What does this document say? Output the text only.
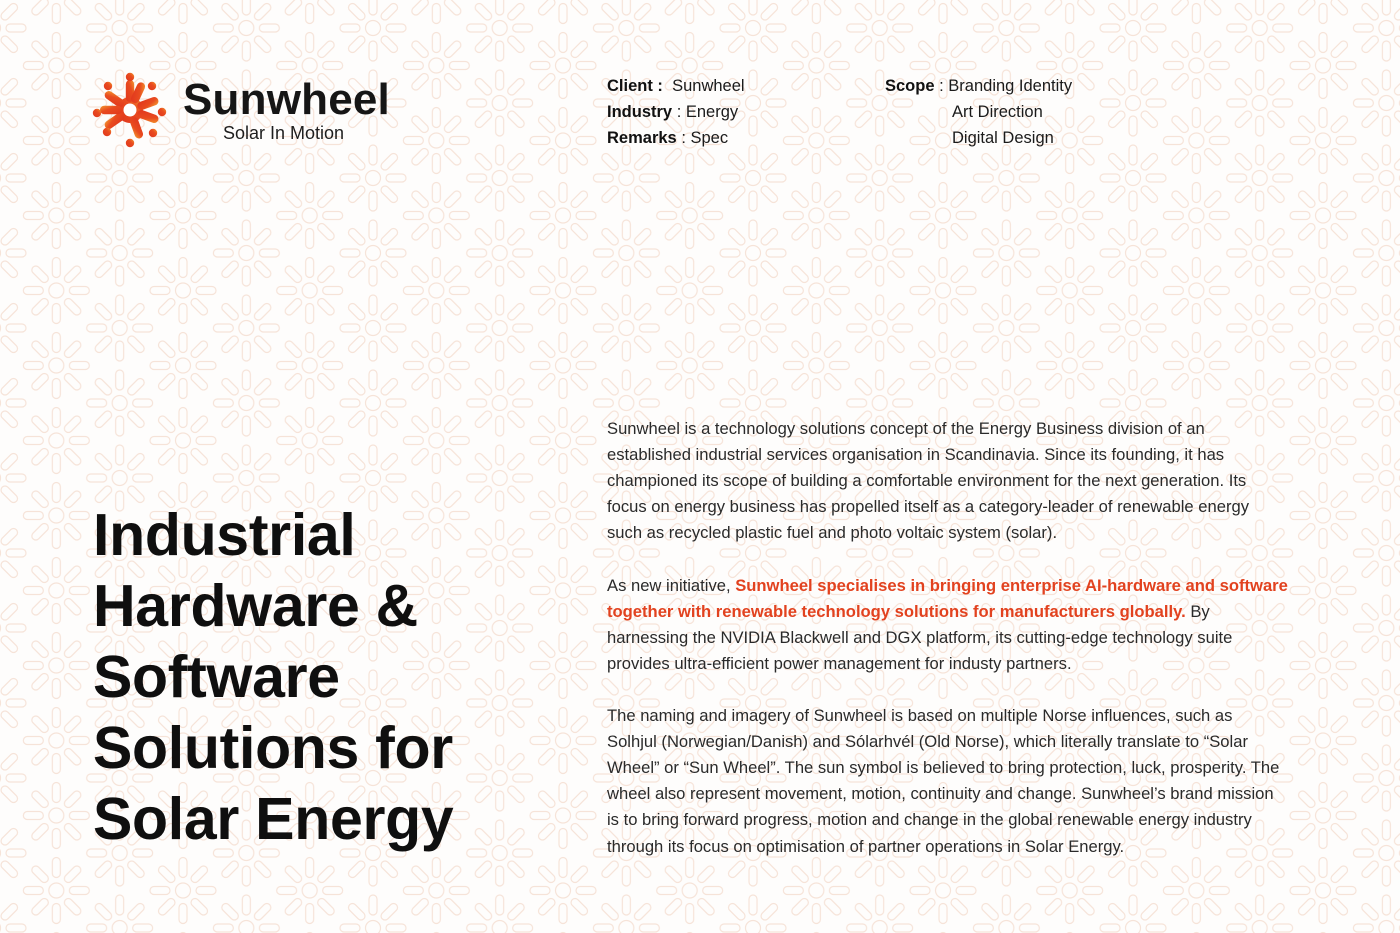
Sunwheel
Solar In Motion
Client : Sunwheel
Industry : Energy
Remarks : Spec
Scope : Branding Identity
Art Direction
Digital Design
Industrial
Hardware &
Software
Solutions for
Solar Energy

Sunwheel is a technology solutions concept of the Energy Business division of an
established industrial services organisation in Scandinavia. Since its founding, it has
championed its scope of building a comfortable environment for the next generation. Its
focus on energy business has propelled itself as a category-leader of renewable energy
such as recycled plastic fuel and photo voltaic system (solar).

As new initiative, Sunwheel specialises in bringing enterprise AI-hardware and software
together with renewable technology solutions for manufacturers globally. By
harnessing the NVIDIA Blackwell and DGX platform, its cutting-edge technology suite
provides ultra-efficient power management for industy partners.

The naming and imagery of Sunwheel is based on multiple Norse influences, such as
Solhjul (Norwegian/Danish) and Sólarhvél (Old Norse), which literally translate to “Solar
Wheel” or “Sun Wheel”. The sun symbol is believed to bring protection, luck, prosperity. The
wheel also represent movement, motion, continuity and change. Sunwheel’s brand mission
is to bring forward progress, motion and change in the global renewable energy industry
through its focus on optimisation of partner operations in Solar Energy.
